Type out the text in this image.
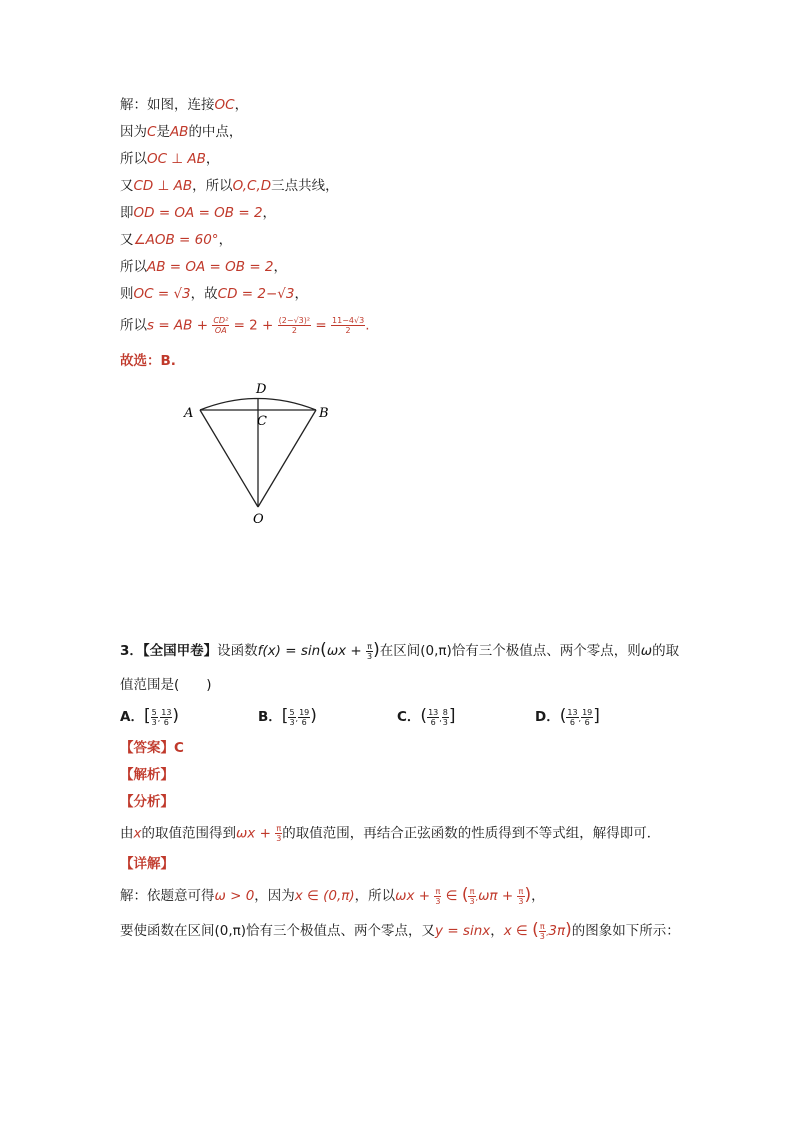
解：如图，连接OC，
因为C是AB的中点，
所以OC ⊥ AB，
又CD ⊥ AB，所以O,C,D三点共线，
即OD = OA = OB = 2，
又∠AOB = 60°，
所以AB = OA = OB = 2，
则OC = √3，故CD = 2−√3，
所以s = AB + $\frac{\text{CD²}}{OA} = 2 + \frac{\text{(2−√3)²}}{2} = \frac{11-4√3}{2}$ .
故选：B.
A	B
C
D
O
3．【全国甲卷】设函数$f(x) = \sin(\omega x + \frac{\pi}{3}$ )在区间(0,π)恰有三个极值点、两个零点，则ω的取
值范围是(　　)
A．[ $\frac{5}{3}$ , $\frac{13}{6}$ )	B．[ $\frac{5}{3}$ , $\frac{19}{6}$ )	C．( $\frac{13}{6}$ , $\frac{8}{3}$ ]	D．( $\frac{13}{6}$ , $\frac{19}{6}$ ]
【答案】C
【解析】
【分析】
由x的取值范围得到$\omega x + \frac{\pi}{3}$ 的取值范围，再结合正弦函数的性质得到不等式组，解得即可．
【详解】
解：依题意可得ω > 0，因为x ∈ (0,π)，所以$\omega x + \frac{\pi}{3}$ ∈ ( $\frac{\pi}{3} ,\omega\pi + \frac{\pi}{3}$ )，
要使函数在区间(0,π)恰有三个极值点、两个零点，又y = sinx，x ∈ ( $\frac{\pi}{3} ,3\pi$)的图象如下所示：
